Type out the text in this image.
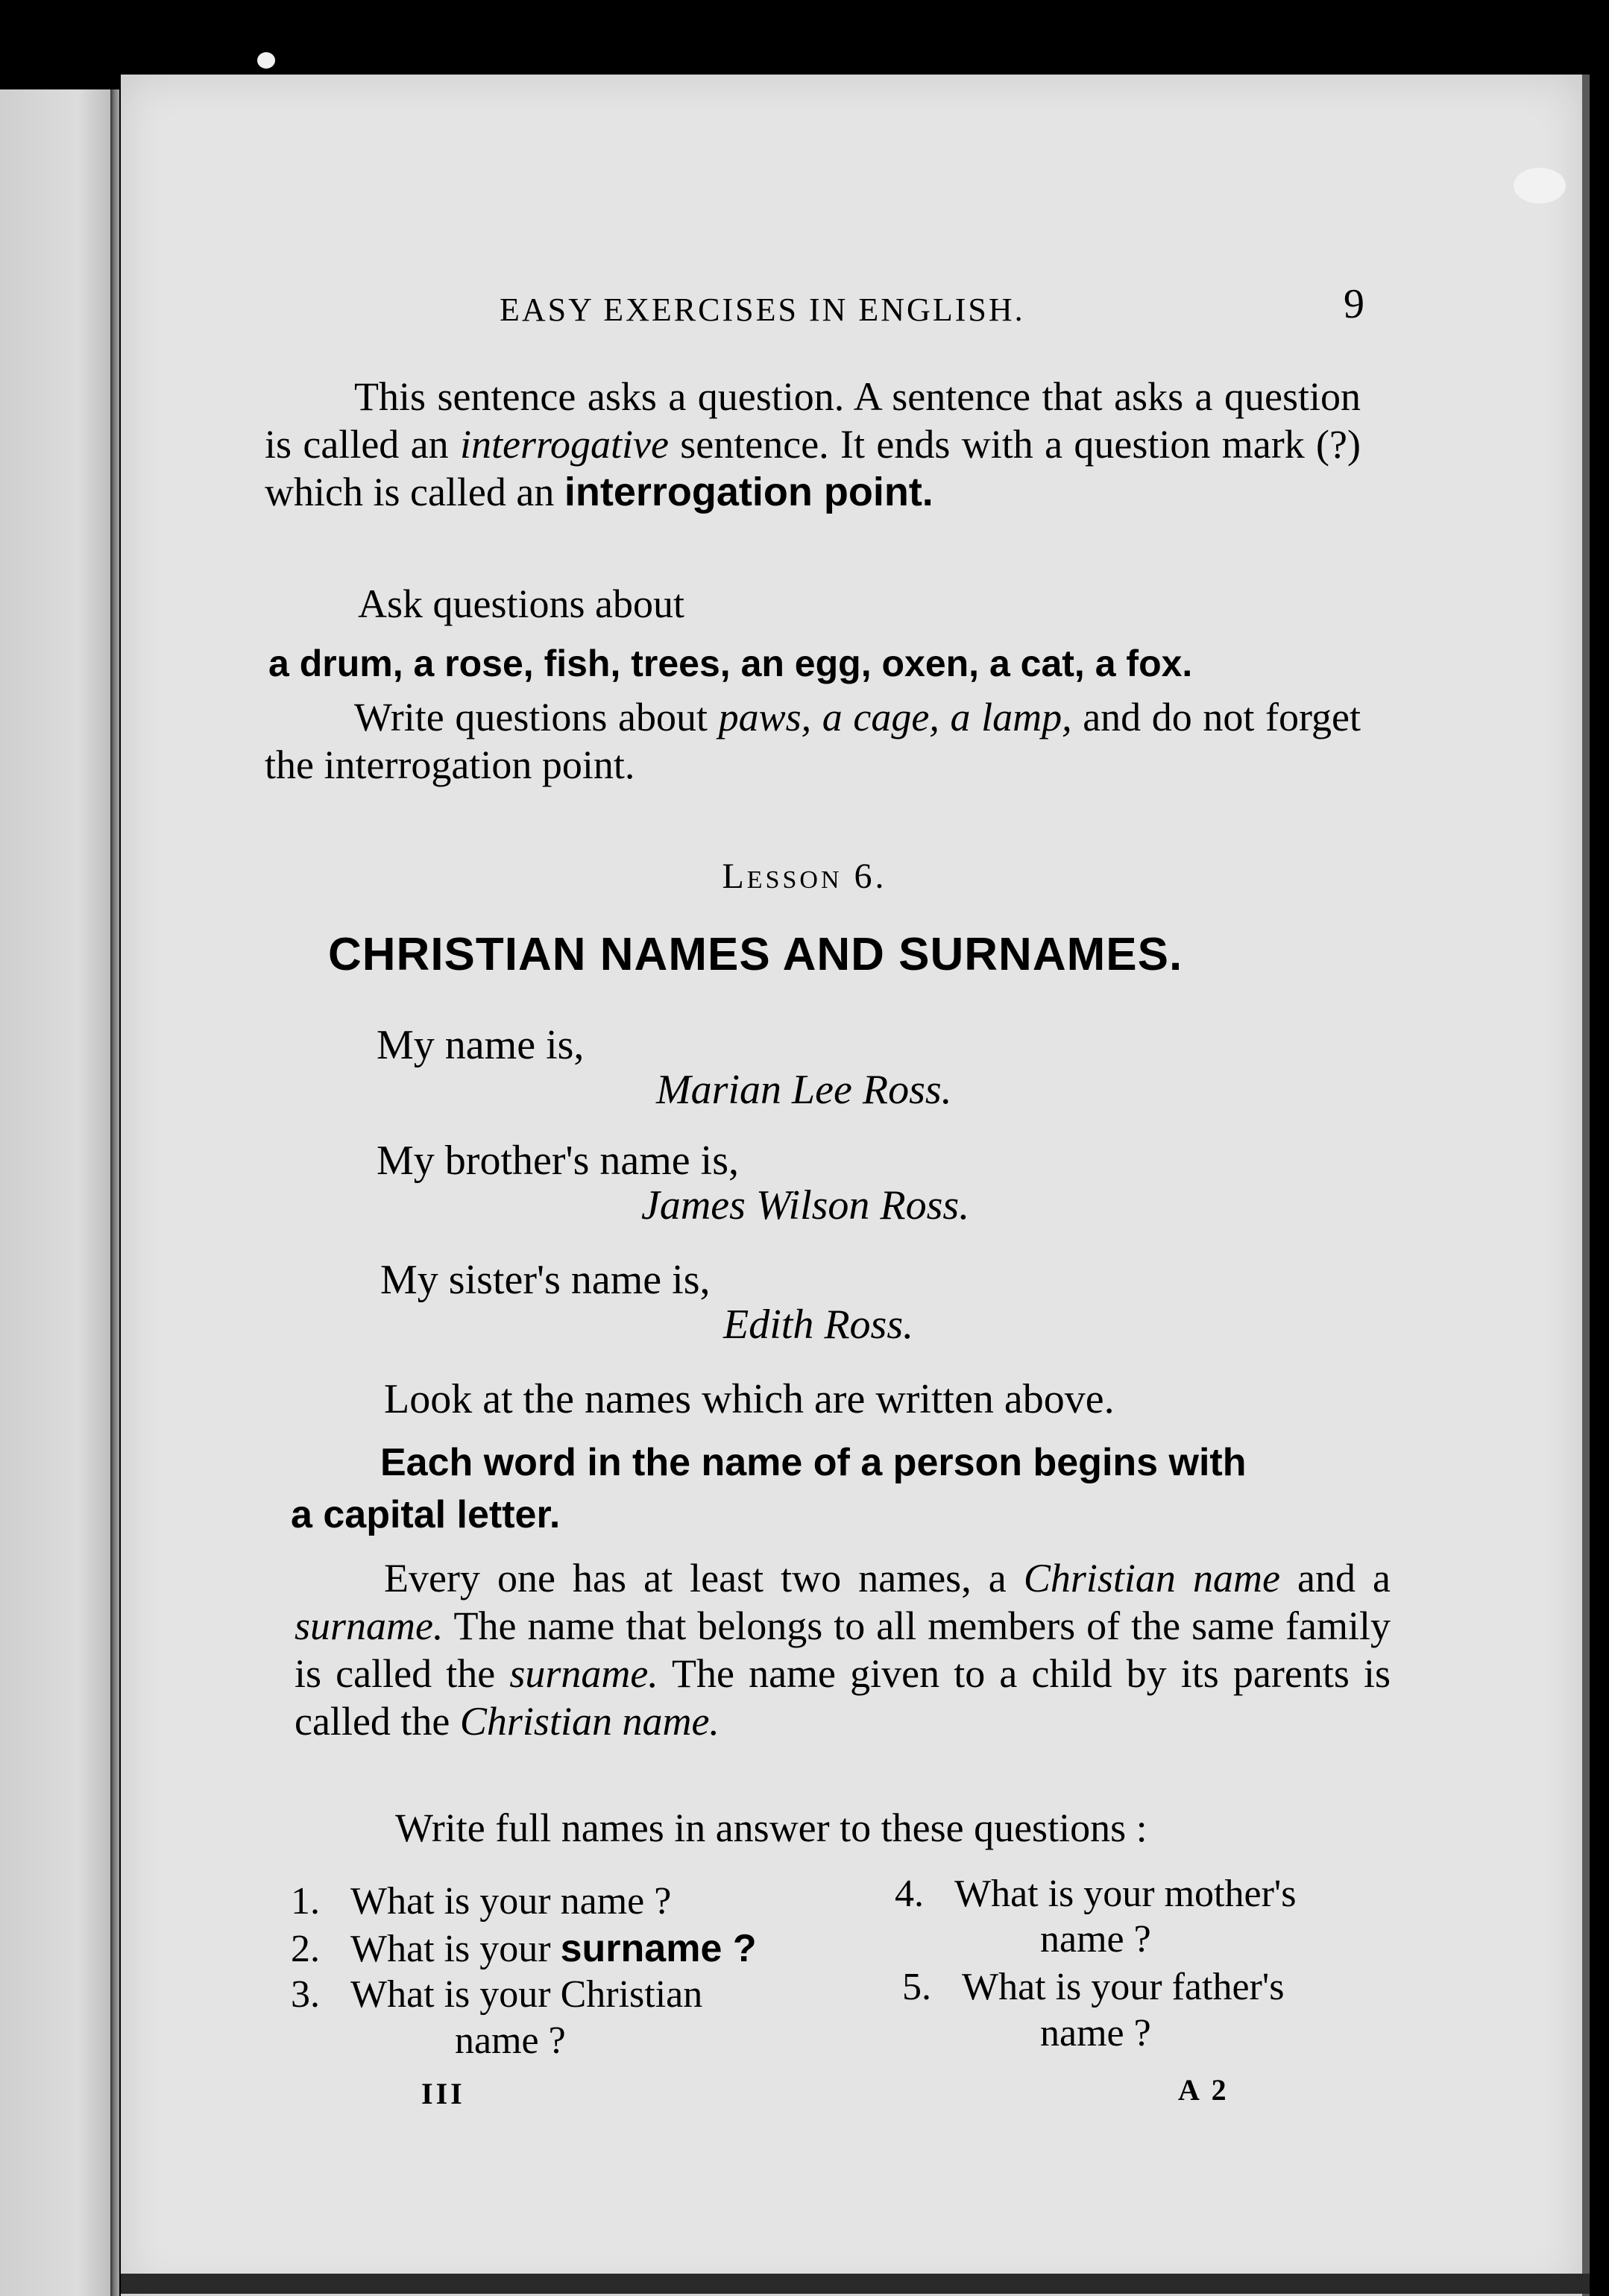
EASY EXERCISES IN ENGLISH.	9

This sentence asks a question. A sentence that asks a question is called an interrogative sentence. It ends with a question mark (?) which is called an interrogation point.

Ask questions about
a drum, a rose, fish, trees, an egg, oxen, a cat, a fox.

Write questions about paws, a cage, a lamp, and do not forget the interrogation point.

Lesson 6.
CHRISTIAN NAMES AND SURNAMES.
My name is,
Marian Lee Ross.
My brother's name is,
James Wilson Ross.
My sister's name is,
Edith Ross.
Look at the names which are written above.
Each word in the name of a person begins with
a capital letter.

Every one has at least two names, a Christian name and a surname. The name that belongs to all members of the same family is called the surname. The name given to a child by its parents is called the Christian name.

Write full names in answer to these questions :
1. What is your name ?
2. What is your surname ?
3. What is your Christian
name ?
4. What is your mother's
name ?
5. What is your father's
name ?
III	A 2
